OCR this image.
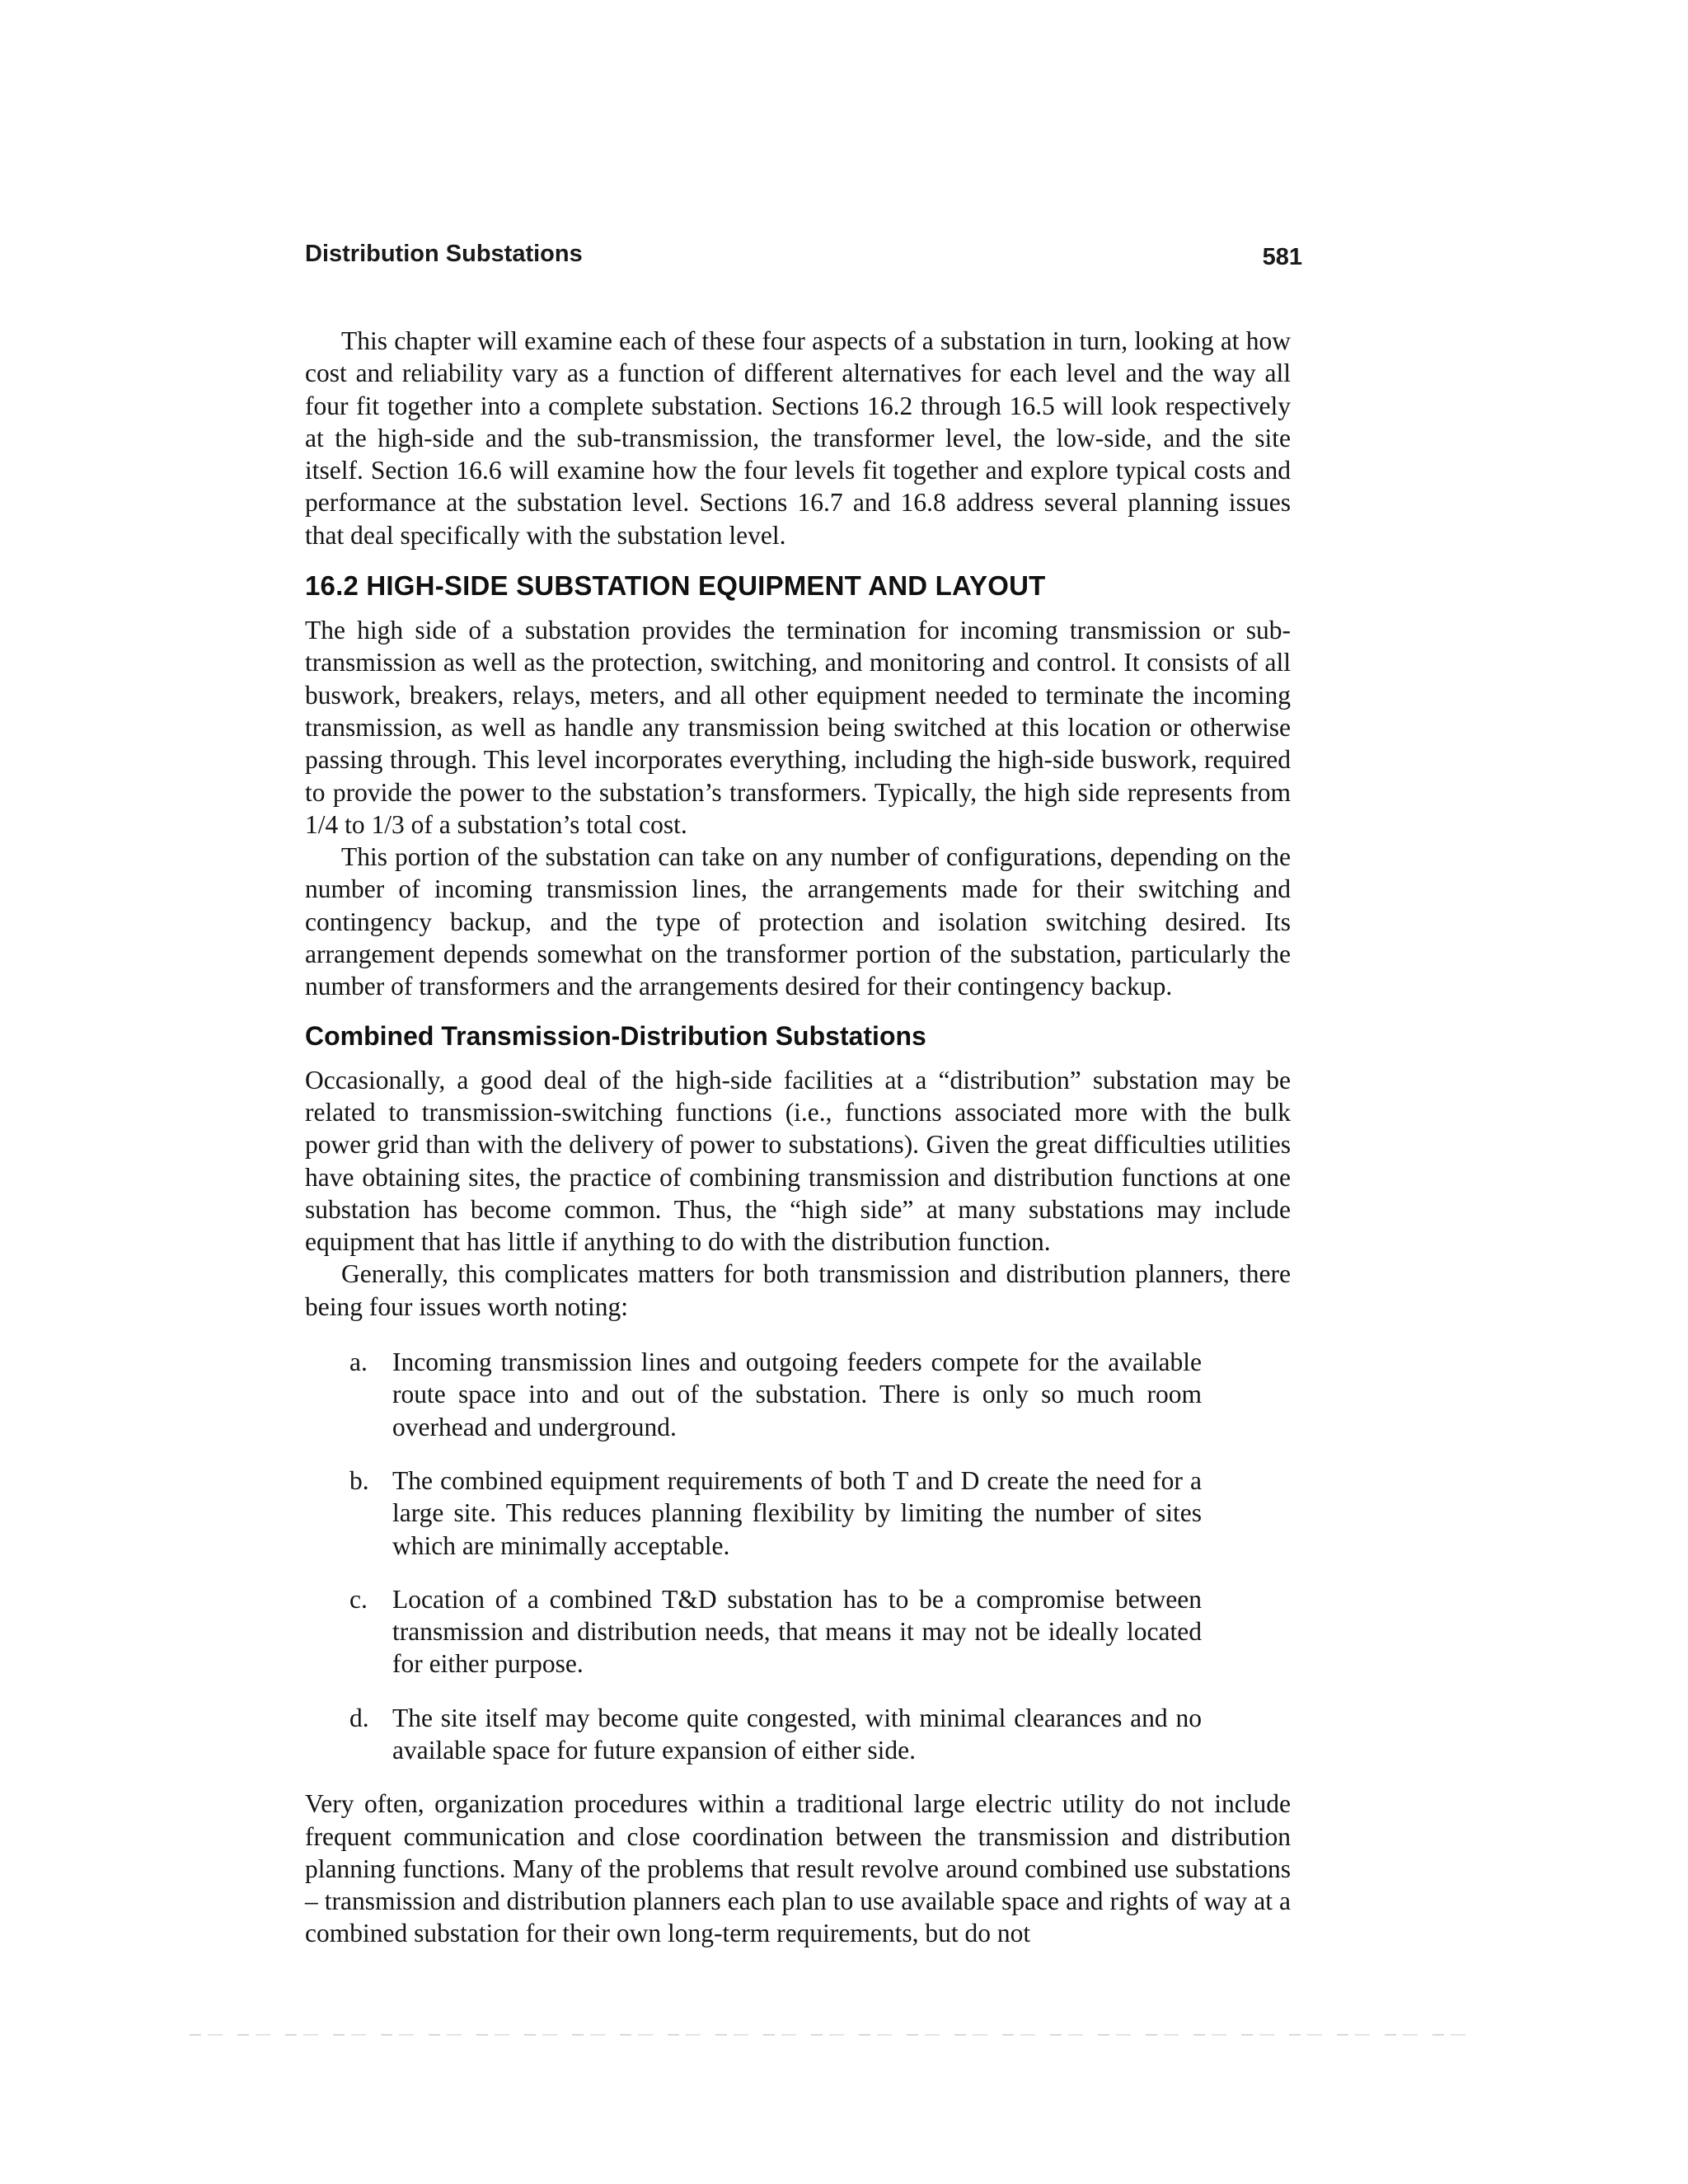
Distribution Substations	581

This chapter will examine each of these four aspects of a substation in turn, looking at how cost and reliability vary as a function of different alternatives for each level and the way all four fit together into a complete substation. Sections 16.2 through 16.5 will look respectively at the high-side and the sub-transmission, the transformer level, the low-side, and the site itself. Section 16.6 will examine how the four levels fit together and explore typical costs and performance at the substation level. Sections 16.7 and 16.8 address several planning issues that deal specifically with the substation level.

16.2 HIGH-SIDE SUBSTATION EQUIPMENT AND LAYOUT

The high side of a substation provides the termination for incoming transmission or sub-transmission as well as the protection, switching, and monitoring and control. It consists of all buswork, breakers, relays, meters, and all other equipment needed to terminate the incoming transmission, as well as handle any transmission being switched at this location or otherwise passing through. This level incorporates everything, including the high-side buswork, required to provide the power to the substation’s transformers. Typically, the high side represents from 1/4 to 1/3 of a substation’s total cost.

This portion of the substation can take on any number of configurations, depending on the number of incoming transmission lines, the arrangements made for their switching and contingency backup, and the type of protection and isolation switching desired. Its arrangement depends somewhat on the transformer portion of the substation, particularly the number of transformers and the arrangements desired for their contingency backup.

Combined Transmission-Distribution Substations

Occasionally, a good deal of the high-side facilities at a “distribution” substation may be related to transmission-switching functions (i.e., functions associated more with the bulk power grid than with the delivery of power to substations). Given the great difficulties utilities have obtaining sites, the practice of combining transmission and distribution functions at one substation has become common. Thus, the “high side” at many substations may include equipment that has little if anything to do with the distribution function.

Generally, this complicates matters for both transmission and distribution planners, there being four issues worth noting:

a. Incoming transmission lines and outgoing feeders compete for the available route space into and out of the substation. There is only so much room overhead and underground.
b. The combined equipment requirements of both T and D create the need for a large site. This reduces planning flexibility by limiting the number of sites which are minimally acceptable.
c. Location of a combined T&D substation has to be a compromise between transmission and distribution needs, that means it may not be ideally located for either purpose.
d. The site itself may become quite congested, with minimal clearances and no available space for future expansion of either side.

Very often, organization procedures within a traditional large electric utility do not include frequent communication and close coordination between the transmission and distribution planning functions. Many of the problems that result revolve around combined use substations – transmission and distribution planners each plan to use available space and rights of way at a combined substation for their own long-term requirements, but do not
